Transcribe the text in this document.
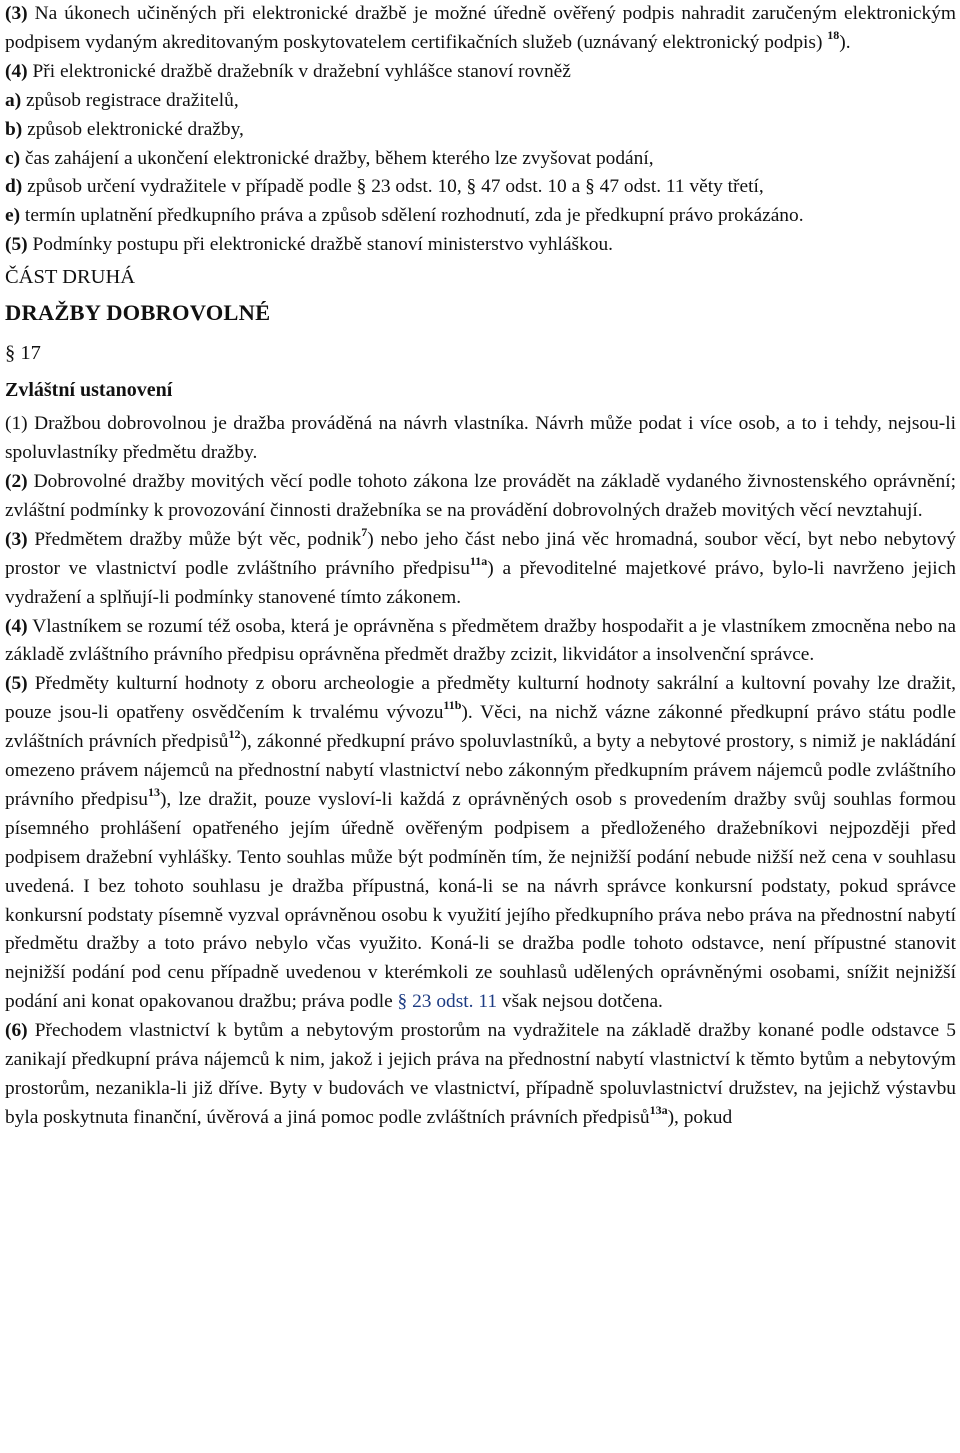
(3) Na úkonech učiněných při elektronické dražbě je možné úředně ověřený podpis nahradit zaručeným elektronickým podpisem vydaným akreditovaným poskytovatelem certifikačních služeb (uznávaný elektronický podpis) $^{18}$).

(4) Při elektronické dražbě dražebník v dražební vyhlášce stanoví rovněž

a) způsob registrace dražitelů,

b) způsob elektronické dražby,

c) čas zahájení a ukončení elektronické dražby, během kterého lze zvyšovat podání,

d) způsob určení vydražitele v případě podle § 23 odst. 10, § 47 odst. 10 a § 47 odst. 11 věty třetí,

e) termín uplatnění předkupního práva a způsob sdělení rozhodnutí, zda je předkupní právo prokázáno.

(5) Podmínky postupu při elektronické dražbě stanoví ministerstvo vyhláškou.

ČÁST DRUHÁ

DRAŽBY DOBROVOLNÉ

§ 17

Zvláštní ustanovení

(1) Dražbou dobrovolnou je dražba prováděná na návrh vlastníka. Návrh může podat i více osob, a to i tehdy, nejsou-li spoluvlastníky předmětu dražby.

(2) Dobrovolné dražby movitých věcí podle tohoto zákona lze provádět na základě vydaného živnostenského oprávnění; zvláštní podmínky k provozování činnosti dražebníka se na provádění dobrovolných dražeb movitých věcí nevztahují.

(3) Předmětem dražby může být věc, podnik$^7$) nebo jeho část nebo jiná věc hromadná, soubor věcí, byt nebo nebytový prostor ve vlastnictví podle zvláštního právního předpisu$^{11a}$) a převoditelné majetkové právo, bylo-li navrženo jejich vydražení a splňují-li podmínky stanovené tímto zákonem.

(4) Vlastníkem se rozumí též osoba, která je oprávněna s předmětem dražby hospodařit a je vlastníkem zmocněna nebo na základě zvláštního právního předpisu oprávněna předmět dražby zcizit, likvidátor a insolvenční správce.

(5) Předměty kulturní hodnoty z oboru archeologie a předměty kulturní hodnoty sakrální a kultovní povahy lze dražit, pouze jsou-li opatřeny osvědčením k trvalému vývozu$^{11b}$). Věci, na nichž vázne zákonné předkupní právo státu podle zvláštních právních předpisů$^{12}$), zákonné předkupní právo spoluvlastníků, a byty a nebytové prostory, s nimiž je nakládání omezeno právem nájemců na přednostní nabytí vlastnictví nebo zákonným předkupním právem nájemců podle zvláštního právního předpisu$^{13}$), lze dražit, pouze vysloví-li každá z oprávněných osob s provedením dražby svůj souhlas formou písemného prohlášení opatřeného jejím úředně ověřeným podpisem a předloženého dražebníkovi nejpozději před podpisem dražební vyhlášky. Tento souhlas může být podmíněn tím, že nejnižší podání nebude nižší než cena v souhlasu uvedená. I bez tohoto souhlasu je dražba přípustná, koná-li se na návrh správce konkursní podstaty, pokud správce konkursní podstaty písemně vyzval oprávněnou osobu k využití jejího předkupního práva nebo práva na přednostní nabytí předmětu dražby a toto právo nebylo včas využito. Koná-li se dražba podle tohoto odstavce, není přípustné stanovit nejnižší podání pod cenu případně uvedenou v kterémkoli ze souhlasů udělených oprávněnými osobami, snížit nejnižší podání ani konat opakovanou dražbu; práva podle § 23 odst. 11 však nejsou dotčena.

(6) Přechodem vlastnictví k bytům a nebytovým prostorům na vydražitele na základě dražby konané podle odstavce 5 zanikají předkupní práva nájemců k nim, jakož i jejich práva na přednostní nabytí vlastnictví k těmto bytům a nebytovým prostorům, nezanikla-li již dříve. Byty v budovách ve vlastnictví, případně spoluvlastnictví družstev, na jejichž výstavbu byla poskytnuta finanční, úvěrová a jiná pomoc podle zvláštních právních předpisů$^{13a}$), pokud
